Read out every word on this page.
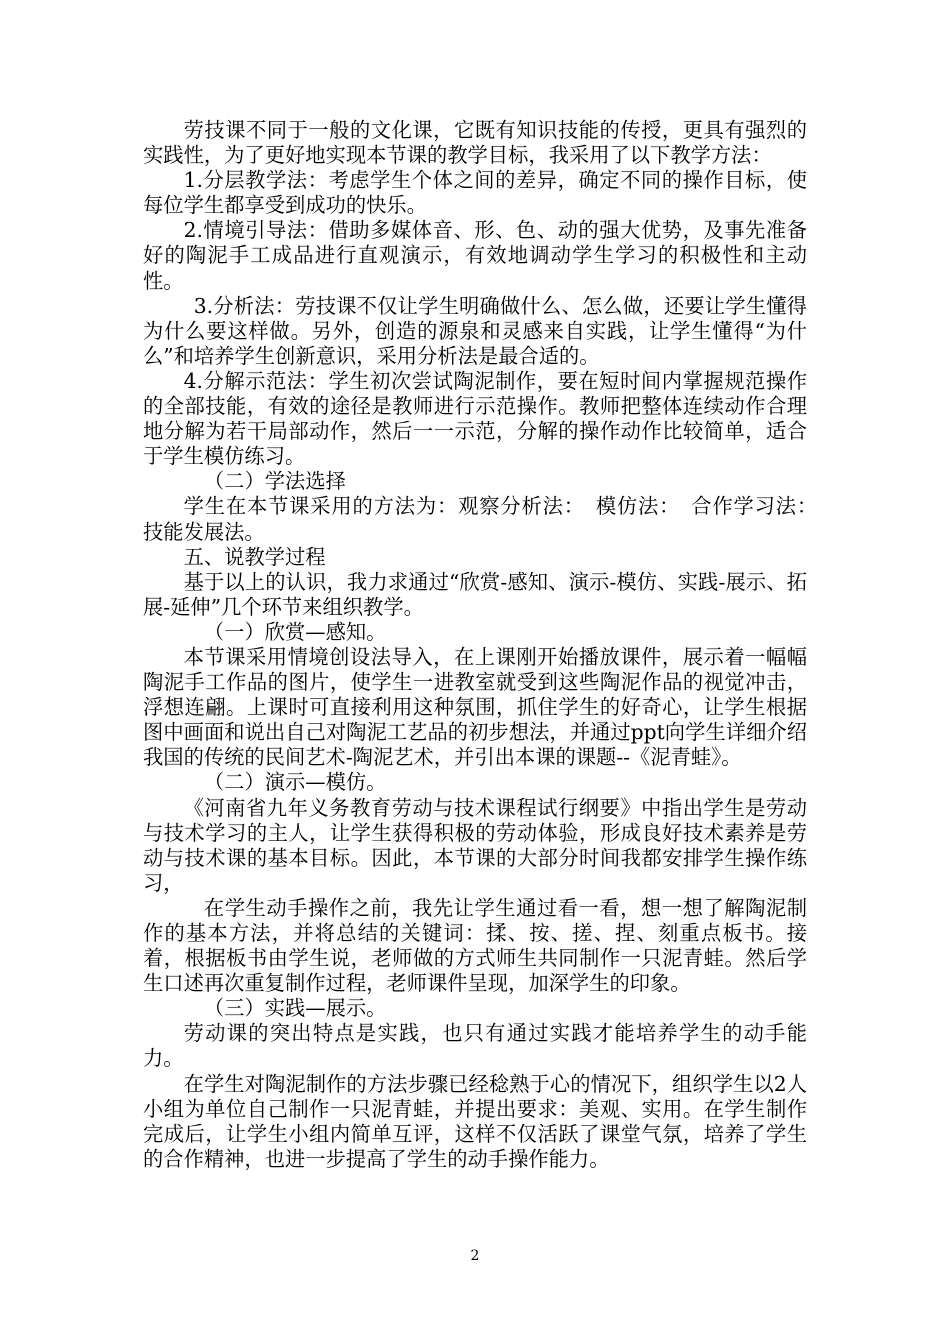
劳技课不同于一般的文化课，它既有知识技能的传授，更具有强烈的实践性，为了更好地实现本节课的教学目标，我采用了以下教学方法：

1.分层教学法：考虑学生个体之间的差异，确定不同的操作目标，使每位学生都享受到成功的快乐。

2.情境引导法：借助多媒体音、形、色、动的强大优势，及事先准备好的陶泥手工成品进行直观演示，有效地调动学生学习的积极性和主动性。

3.分析法：劳技课不仅让学生明确做什么、怎么做，还要让学生懂得为什么要这样做。另外，创造的源泉和灵感来自实践，让学生懂得“为什么”和培养学生创新意识，采用分析法是最合适的。

4.分解示范法：学生初次尝试陶泥制作，要在短时间内掌握规范操作的全部技能，有效的途径是教师进行示范操作。教师把整体连续动作合理地分解为若干局部动作，然后一一示范，分解的操作动作比较简单，适合于学生模仿练习。

（二）学法选择

学生在本节课采用的方法为：观察分析法：　模仿法：　合作学习法：　技能发展法。

五、说教学过程

基于以上的认识，我力求通过“欣赏-感知、演示-模仿、实践-展示、拓展-延伸”几个环节来组织教学。

（一）欣赏—感知。

本节课采用情境创设法导入，在上课刚开始播放课件，展示着一幅幅陶泥手工作品的图片，使学生一进教室就受到这些陶泥作品的视觉冲击，浮想连翩。上课时可直接利用这种氛围，抓住学生的好奇心，让学生根据图中画面和说出自己对陶泥工艺品的初步想法，并通过ppt向学生详细介绍我国的传统的民间艺术-陶泥艺术，并引出本课的课题--《泥青蛙》。

（二）演示—模仿。

《河南省九年义务教育劳动与技术课程试行纲要》中指出学生是劳动与技术学习的主人，让学生获得积极的劳动体验，形成良好技术素养是劳动与技术课的基本目标。因此，本节课的大部分时间我都安排学生操作练习，

在学生动手操作之前，我先让学生通过看一看，想一想了解陶泥制作的基本方法，并将总结的关键词：揉、按、搓、捏、刻重点板书。接着，根据板书由学生说，老师做的方式师生共同制作一只泥青蛙。然后学生口述再次重复制作过程，老师课件呈现，加深学生的印象。

（三）实践—展示。

劳动课的突出特点是实践，也只有通过实践才能培养学生的动手能力。

在学生对陶泥制作的方法步骤已经稔熟于心的情况下，组织学生以2人小组为单位自己制作一只泥青蛙，并提出要求：美观、实用。在学生制作完成后，让学生小组内简单互评，这样不仅活跃了课堂气氛，培养了学生的合作精神，也进一步提高了学生的动手操作能力。

2
